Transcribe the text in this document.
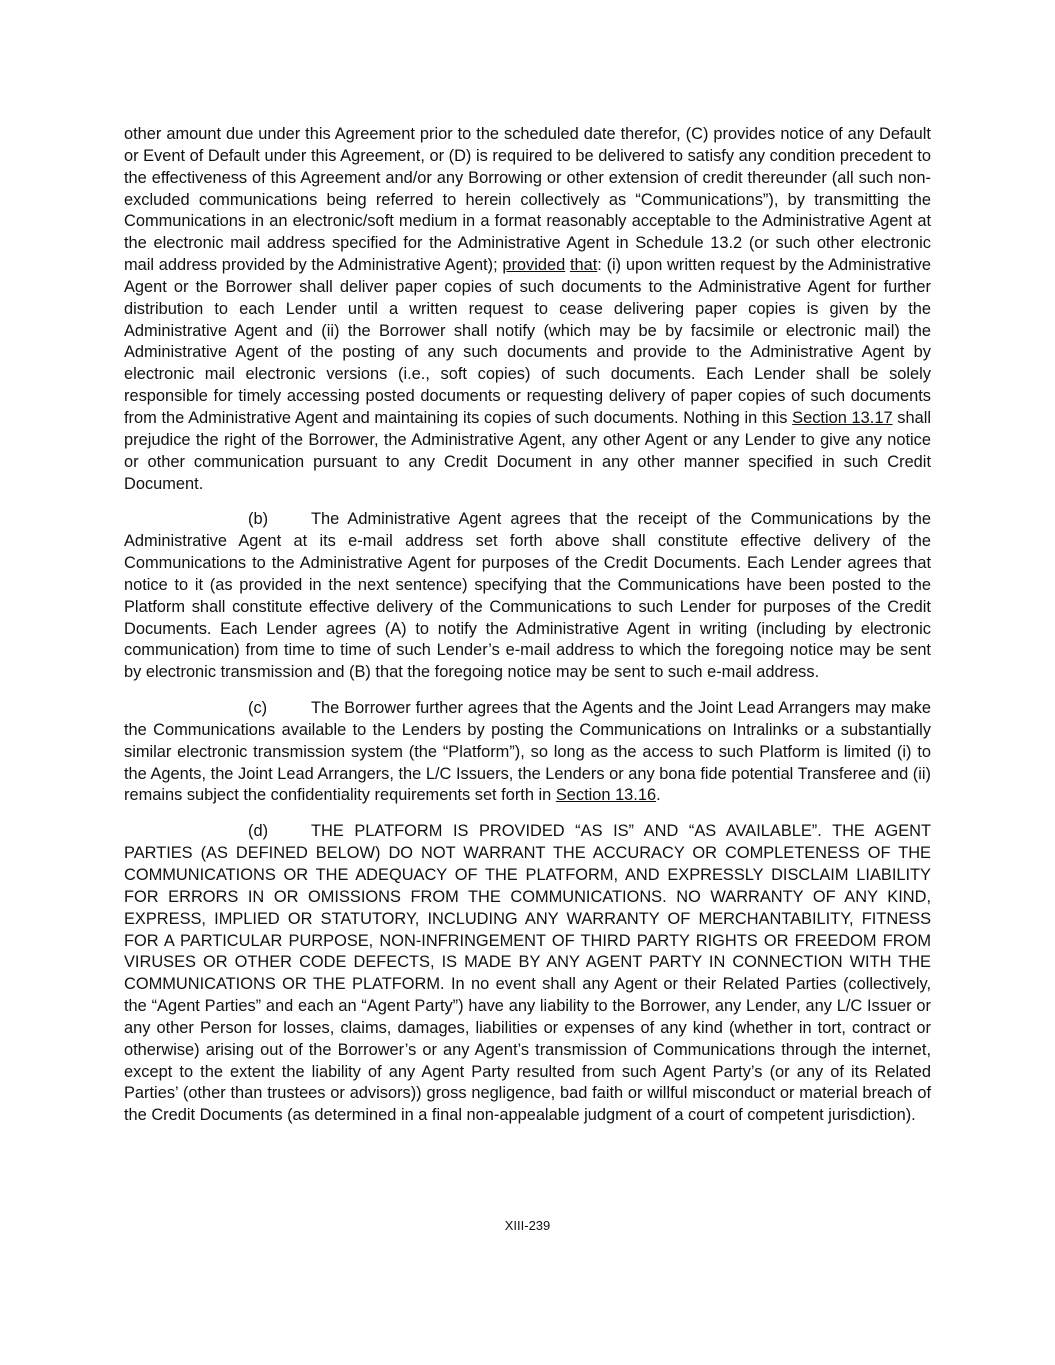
other amount due under this Agreement prior to the scheduled date therefor, (C) provides notice of any Default or Event of Default under this Agreement, or (D) is required to be delivered to satisfy any condition precedent to the effectiveness of this Agreement and/or any Borrowing or other extension of credit thereunder (all such non-excluded communications being referred to herein collectively as “Communications”), by transmitting the Communications in an electronic/soft medium in a format reasonably acceptable to the Administrative Agent at the electronic mail address specified for the Administrative Agent in Schedule 13.2 (or such other electronic mail address provided by the Administrative Agent); provided that: (i) upon written request by the Administrative Agent or the Borrower shall deliver paper copies of such documents to the Administrative Agent for further distribution to each Lender until a written request to cease delivering paper copies is given by the Administrative Agent and (ii) the Borrower shall notify (which may be by facsimile or electronic mail) the Administrative Agent of the posting of any such documents and provide to the Administrative Agent by electronic mail electronic versions (i.e., soft copies) of such documents. Each Lender shall be solely responsible for timely accessing posted documents or requesting delivery of paper copies of such documents from the Administrative Agent and maintaining its copies of such documents. Nothing in this Section 13.17 shall prejudice the right of the Borrower, the Administrative Agent, any other Agent or any Lender to give any notice or other communication pursuant to any Credit Document in any other manner specified in such Credit Document.

(b)	The Administrative Agent agrees that the receipt of the Communications by the Administrative Agent at its e-mail address set forth above shall constitute effective delivery of the Communications to the Administrative Agent for purposes of the Credit Documents. Each Lender agrees that notice to it (as provided in the next sentence) specifying that the Communications have been posted to the Platform shall constitute effective delivery of the Communications to such Lender for purposes of the Credit Documents. Each Lender agrees (A) to notify the Administrative Agent in writing (including by electronic communication) from time to time of such Lender’s e-mail address to which the foregoing notice may be sent by electronic transmission and (B) that the foregoing notice may be sent to such e-mail address.

(c)	The Borrower further agrees that the Agents and the Joint Lead Arrangers may make the Communications available to the Lenders by posting the Communications on Intralinks or a substantially similar electronic transmission system (the “Platform”), so long as the access to such Platform is limited (i) to the Agents, the Joint Lead Arrangers, the L/C Issuers, the Lenders or any bona fide potential Transferee and (ii) remains subject the confidentiality requirements set forth in Section 13.16.

(d)	THE PLATFORM IS PROVIDED “AS IS” AND “AS AVAILABLE”. THE AGENT PARTIES (AS DEFINED BELOW) DO NOT WARRANT THE ACCURACY OR COMPLETENESS OF THE COMMUNICATIONS OR THE ADEQUACY OF THE PLATFORM, AND EXPRESSLY DISCLAIM LIABILITY FOR ERRORS IN OR OMISSIONS FROM THE COMMUNICATIONS. NO WARRANTY OF ANY KIND, EXPRESS, IMPLIED OR STATUTORY, INCLUDING ANY WARRANTY OF MERCHANTABILITY, FITNESS FOR A PARTICULAR PURPOSE, NON-INFRINGEMENT OF THIRD PARTY RIGHTS OR FREEDOM FROM VIRUSES OR OTHER CODE DEFECTS, IS MADE BY ANY AGENT PARTY IN CONNECTION WITH THE COMMUNICATIONS OR THE PLATFORM. In no event shall any Agent or their Related Parties (collectively, the “Agent Parties” and each an “Agent Party”) have any liability to the Borrower, any Lender, any L/C Issuer or any other Person for losses, claims, damages, liabilities or expenses of any kind (whether in tort, contract or otherwise) arising out of the Borrower’s or any Agent’s transmission of Communications through the internet, except to the extent the liability of any Agent Party resulted from such Agent Party’s (or any of its Related Parties’ (other than trustees or advisors)) gross negligence, bad faith or willful misconduct or material breach of the Credit Documents (as determined in a final non-appealable judgment of a court of competent jurisdiction).

XIII-239
